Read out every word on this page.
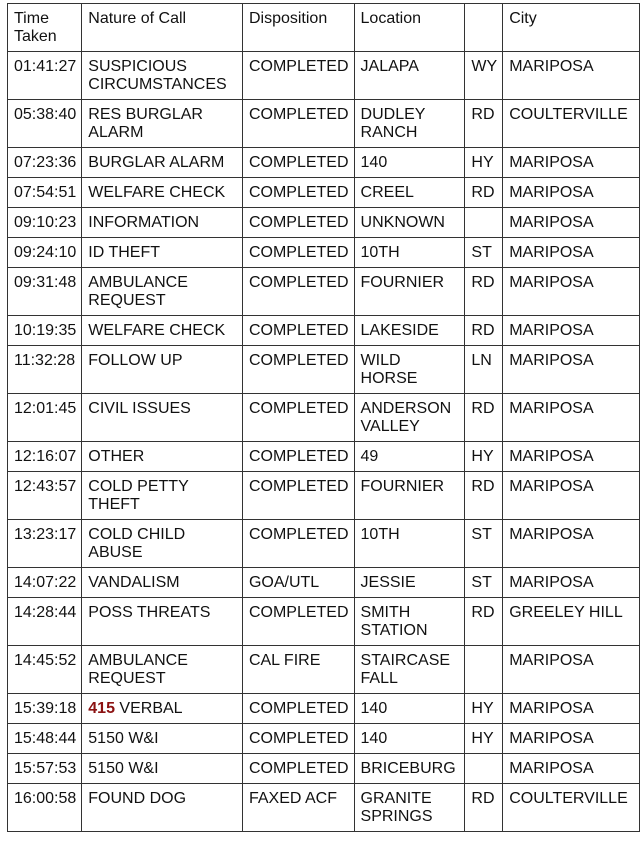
Time Taken	Nature of Call	Disposition	Location		City
01:41:27	SUSPICIOUS CIRCUMSTANCES	COMPLETED	JALAPA	WY	MARIPOSA
05:38:40	RES BURGLAR ALARM	COMPLETED	DUDLEY RANCH	RD	COULTERVILLE
07:23:36	BURGLAR ALARM	COMPLETED	140	HY	MARIPOSA
07:54:51	WELFARE CHECK	COMPLETED	CREEL	RD	MARIPOSA
09:10:23	INFORMATION	COMPLETED	UNKNOWN		MARIPOSA
09:24:10	ID THEFT	COMPLETED	10TH	ST	MARIPOSA
09:31:48	AMBULANCE REQUEST	COMPLETED	FOURNIER	RD	MARIPOSA
10:19:35	WELFARE CHECK	COMPLETED	LAKESIDE	RD	MARIPOSA
11:32:28	FOLLOW UP	COMPLETED	WILD HORSE	LN	MARIPOSA
12:01:45	CIVIL ISSUES	COMPLETED	ANDERSON VALLEY	RD	MARIPOSA
12:16:07	OTHER	COMPLETED	49	HY	MARIPOSA
12:43:57	COLD PETTY THEFT	COMPLETED	FOURNIER	RD	MARIPOSA
13:23:17	COLD CHILD ABUSE	COMPLETED	10TH	ST	MARIPOSA
14:07:22	VANDALISM	GOA/UTL	JESSIE	ST	MARIPOSA
14:28:44	POSS THREATS	COMPLETED	SMITH STATION	RD	GREELEY HILL
14:45:52	AMBULANCE REQUEST	CAL FIRE	STAIRCASE FALL		MARIPOSA
15:39:18	415 VERBAL	COMPLETED	140	HY	MARIPOSA
15:48:44	5150 W&I	COMPLETED	140	HY	MARIPOSA
15:57:53	5150 W&I	COMPLETED	BRICEBURG		MARIPOSA
16:00:58	FOUND DOG	FAXED ACF	GRANITE SPRINGS	RD	COULTERVILLE
